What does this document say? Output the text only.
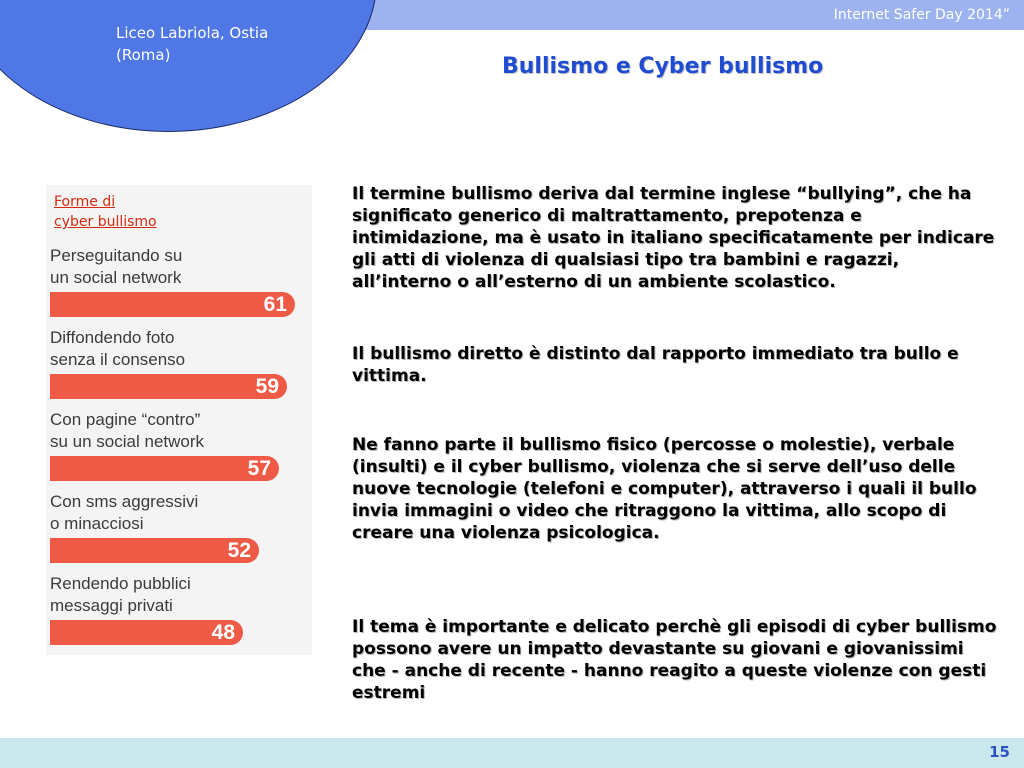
Internet Safer Day 2014”
Liceo Labriola, Ostia
(Roma)	Bullismo e Cyber bullismo
Forme di
cyber bullismo
Perseguitando su
un social network
61
Diffondendo foto
senza il consenso
59
Con pagine “contro”
su un social network
57
Con sms aggressivi
o minacciosi
52
Rendendo pubblici
messaggi privati
48
Il termine bullismo deriva dal termine inglese “bullying”, che ha significato generico di maltrattamento, prepotenza e intimidazione, ma è usato in italiano specificatamente per indicare gli atti di violenza di qualsiasi tipo tra bambini e ragazzi, all’interno o all’esterno di un ambiente scolastico.
Il bullismo diretto è distinto dal rapporto immediato tra bullo e vittima.
Ne fanno parte il bullismo fisico (percosse o molestie), verbale (insulti) e il cyber bullismo, violenza che si serve dell’uso delle nuove tecnologie (telefoni e computer), attraverso i quali il bullo invia immagini o video che ritraggono la vittima, allo scopo di creare una violenza psicologica.
Il tema è importante e delicato perchè gli episodi di cyber bullismo possono avere un impatto devastante su giovani e giovanissimi che - anche di recente - hanno reagito a queste violenze con gesti estremi
15
